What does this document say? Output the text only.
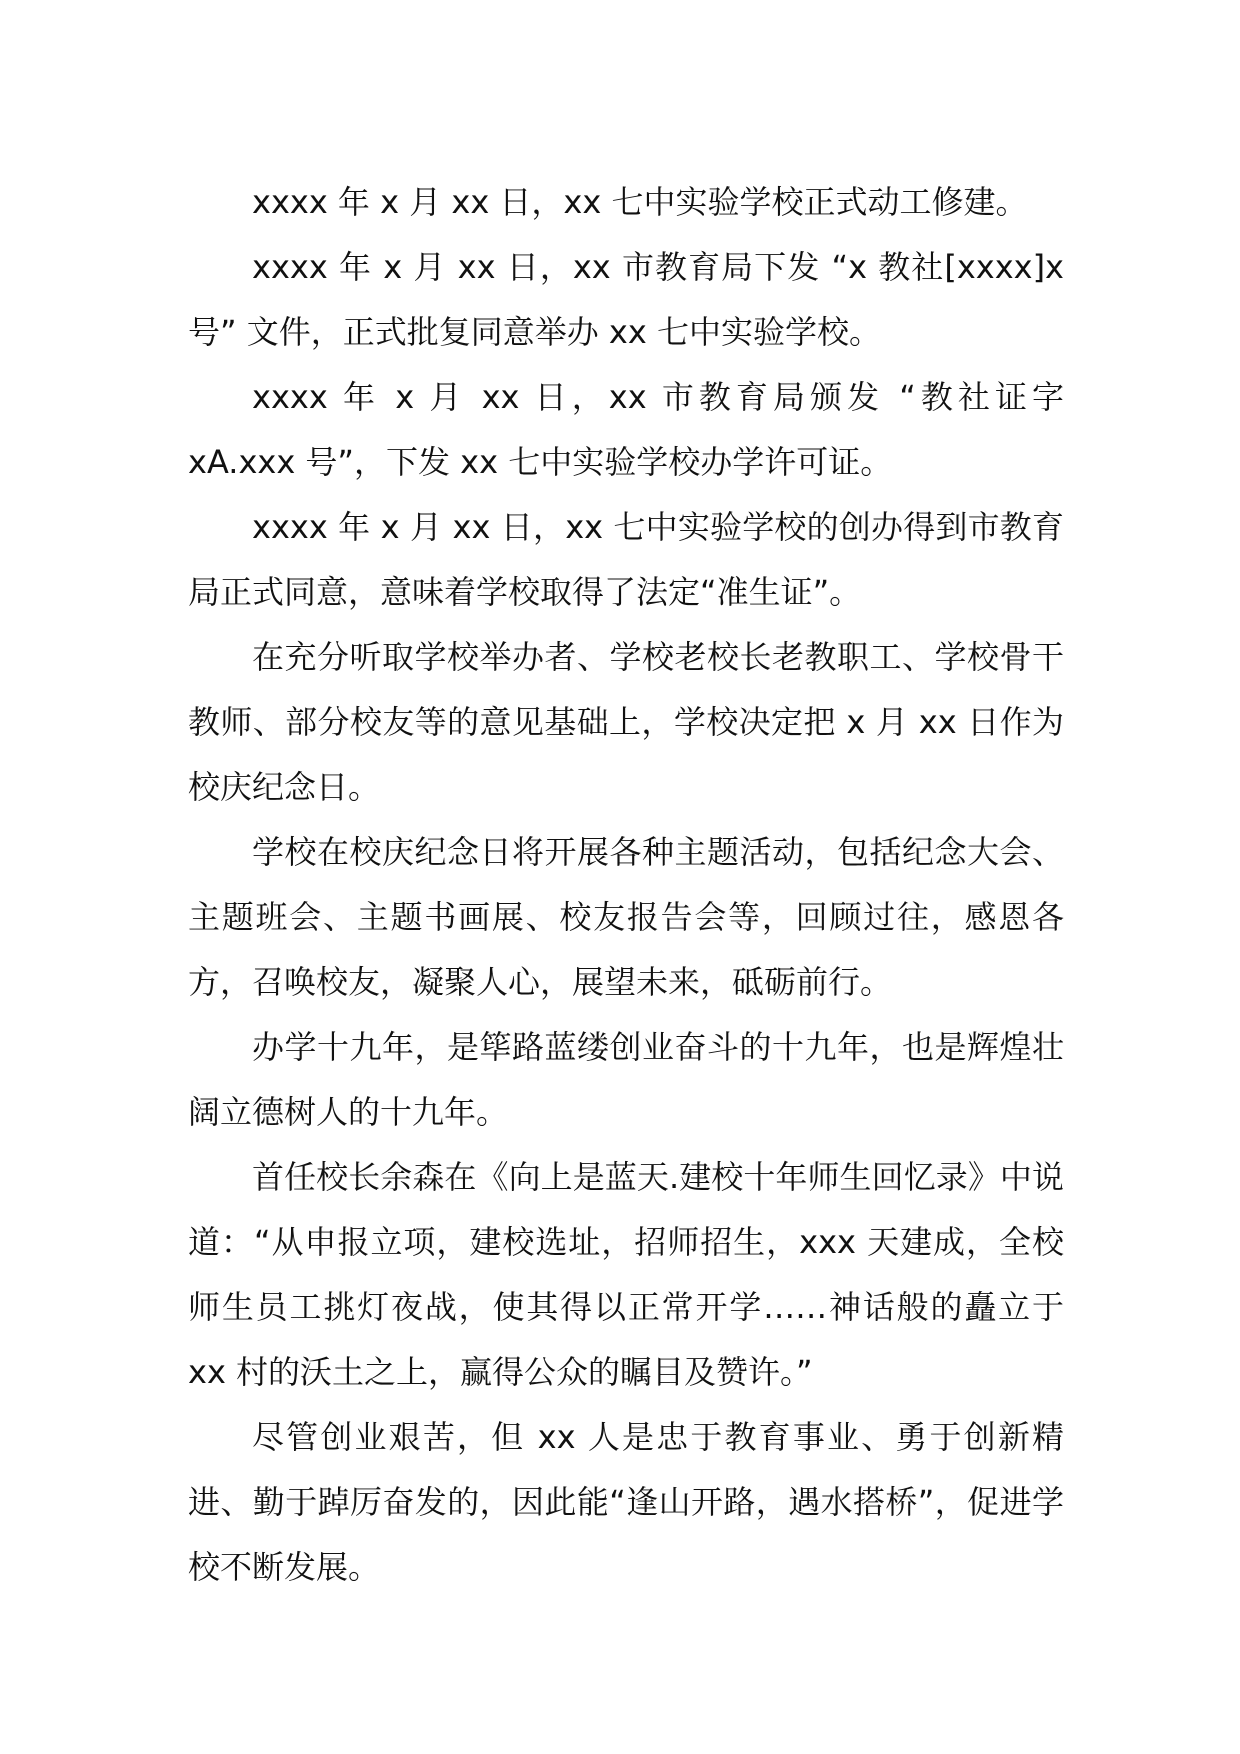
xxxx 年 x 月 xx 日，xx 七中实验学校正式动工修建。

xxxx 年 x 月 xx 日，xx 市教育局下发 “x 教社[xxxx]x 号” 文件，正式批复同意举办 xx 七中实验学校。

xxxx 年 x 月 xx 日，xx 市教育局颁发 “教社证字 xA.xxx 号”，下发 xx 七中实验学校办学许可证。

xxxx 年 x 月 xx 日，xx 七中实验学校的创办得到市教育局正式同意，意味着学校取得了法定“准生证”。

在充分听取学校举办者、学校老校长老教职工、学校骨干教师、部分校友等的意见基础上，学校决定把 x 月 xx 日作为校庆纪念日。

学校在校庆纪念日将开展各种主题活动，包括纪念大会、主题班会、主题书画展、校友报告会等，回顾过往，感恩各方，召唤校友，凝聚人心，展望未来，砥砺前行。

办学十九年，是筚路蓝缕创业奋斗的十九年，也是辉煌壮阔立德树人的十九年。

首任校长余森在《向上是蓝天.建校十年师生回忆录》中说道：“从申报立项，建校选址，招师招生，xxx 天建成，全校师生员工挑灯夜战，使其得以正常开学……神话般的矗立于 xx 村的沃土之上，赢得公众的瞩目及赞许。”

尽管创业艰苦，但 xx 人是忠于教育事业、勇于创新精进、勤于踔厉奋发的，因此能“逢山开路，遇水搭桥”，促进学校不断发展。
